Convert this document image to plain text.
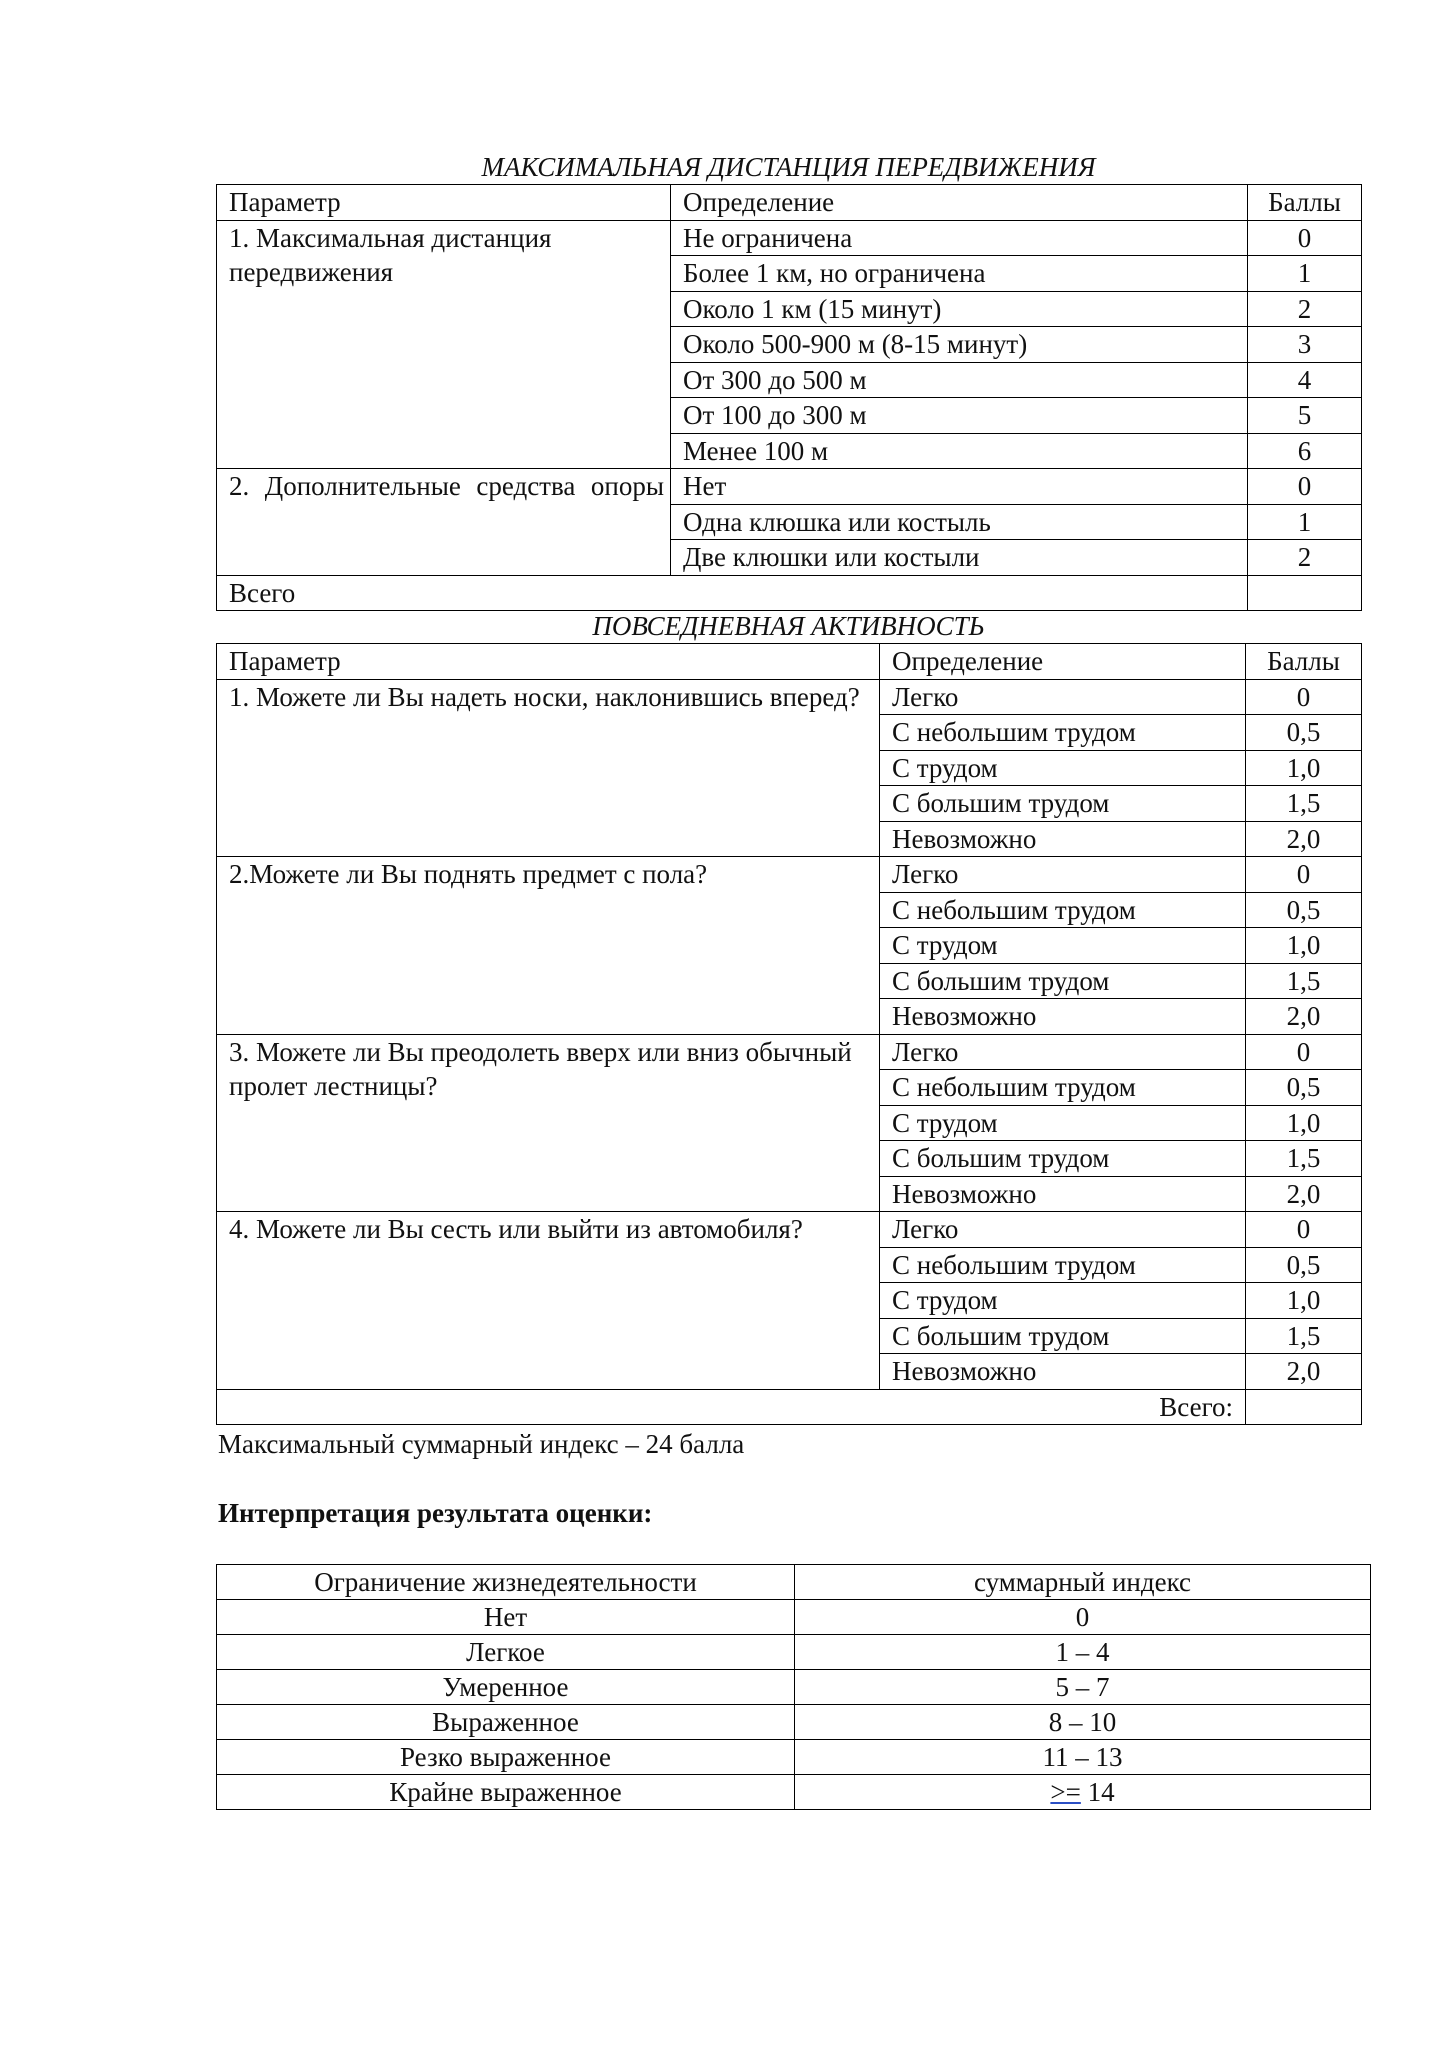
МАКСИМАЛЬНАЯ ДИСТАНЦИЯ ПЕРЕДВИЖЕНИЯ
Параметр	Определение	Баллы
1. Максимальная дистанция передвижения	Не ограничена	0
	Более 1 км, но ограничена	1
	Около 1 км (15 минут)	2
	Около 500-900 м (8-15 минут)	3
	От 300 до 500 м	4
	От 100 до 300 м	5
	Менее 100 м	6
2. Дополнительные средства опоры	Нет	0
	Одна клюшка или костыль	1
	Две клюшки или костыли	2
Всего		
ПОВСЕДНЕВНАЯ АКТИВНОСТЬ
Параметр	Определение	Баллы
1. Можете ли Вы надеть носки, наклонившись вперед?	Легко	0
	С небольшим трудом	0,5
	С трудом	1,0
	С большим трудом	1,5
	Невозможно	2,0
2.Можете ли Вы поднять предмет с пола?	Легко	0
	С небольшим трудом	0,5
	С трудом	1,0
	С большим трудом	1,5
	Невозможно	2,0
3. Можете ли Вы преодолеть вверх или вниз обычный пролет лестницы?	Легко	0
	С небольшим трудом	0,5
	С трудом	1,0
	С большим трудом	1,5
	Невозможно	2,0
4. Можете ли Вы сесть или выйти из автомобиля?	Легко	0
	С небольшим трудом	0,5
	С трудом	1,0
	С большим трудом	1,5
	Невозможно	2,0
Всего:		
Максимальный суммарный индекс – 24 балла
Интерпретация результата оценки:
Ограничение жизнедеятельности	суммарный индекс
Нет	0
Легкое	1 – 4
Умеренное	5 – 7
Выраженное	8 – 10
Резко выраженное	11 – 13
Крайне выраженное	>= 14
